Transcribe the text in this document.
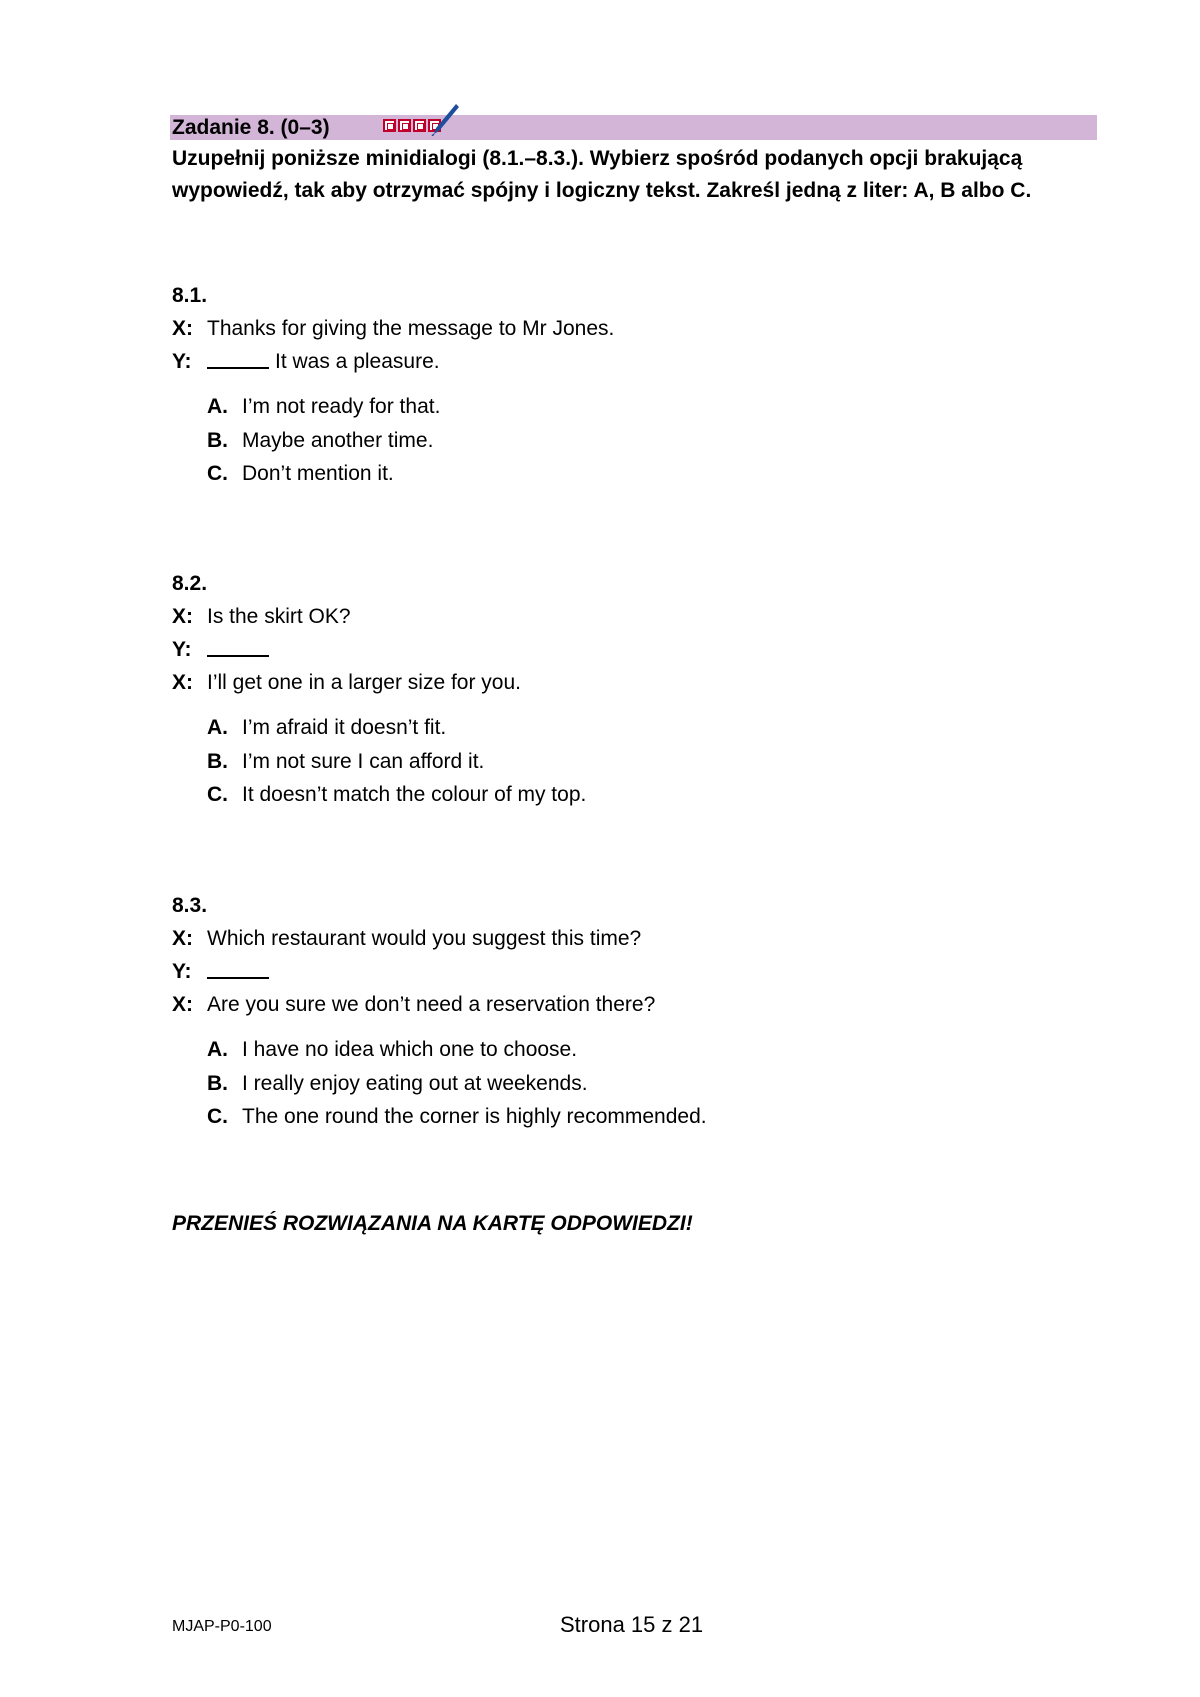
Zadanie 8. (0–3)

Uzupełnij poniższe minidialogi (8.1.–8.3.). Wybierz spośród podanych opcji brakującą wypowiedź, tak aby otrzymać spójny i logiczny tekst. Zakreśl jedną z liter: A, B albo C.

8.1.
X: Thanks for giving the message to Mr Jones.
Y:	It was a pleasure.
A. I’m not ready for that.
B. Maybe another time.
C. Don’t mention it.
8.2.
X: Is the skirt OK?
Y:
X: I’ll get one in a larger size for you.
A. I’m afraid it doesn’t fit.
B. I’m not sure I can afford it.
C. It doesn’t match the colour of my top.
8.3.
X: Which restaurant would you suggest this time?
Y:
X: Are you sure we don’t need a reservation there?
A. I have no idea which one to choose.
B. I really enjoy eating out at weekends.
C. The one round the corner is highly recommended.
PRZENIEŚ ROZWIĄZANIA NA KARTĘ ODPOWIEDZI!
MJAP-P0-100	Strona 15 z 21
